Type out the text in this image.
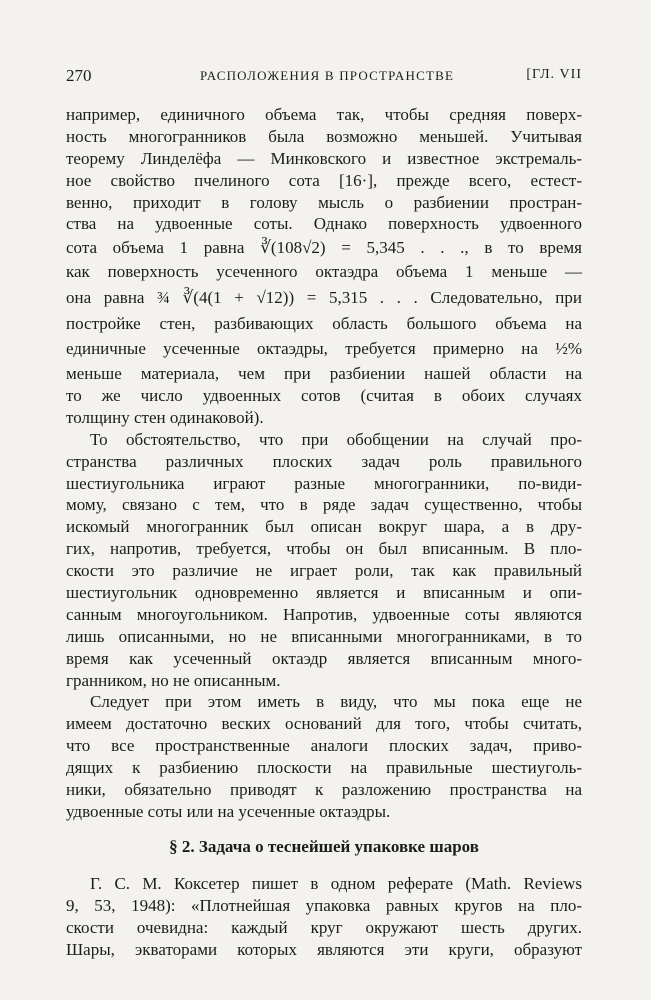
270	РАСПОЛОЖЕНИЯ В ПРОСТРАНСТВЕ	[ГЛ. VII

например, единичного объема так, чтобы средняя поверх-
ность многогранников была возможно меньшей. Учитывая
теорему Линделёфа — Минковского и известное экстремаль-
ное свойство пчелиного сота [16·], прежде всего, естест-
венно, приходит в голову мысль о разбиении простран-
ства на удвоенные соты. Однако поверхность удвоенного
сота объема 1 равна ∛(108√2) = 5,345 . . ., в то время
как поверхность усеченного октаэдра объема 1 меньше —
она равна ¾ ∛(4(1 + √12)) = 5,315 . . . Следовательно, при
постройке стен, разбивающих область большого объема на
единичные усеченные октаэдры, требуется примерно на ½%
меньше материала, чем при разбиении нашей области на
то же число удвоенных сотов (считая в обоих случаях
толщину стен одинаковой).

То обстоятельство, что при обобщении на случай про-
странства различных плоских задач роль правильного
шестиугольника играют разные многогранники, по-види-
мому, связано с тем, что в ряде задач существенно, чтобы
искомый многогранник был описан вокруг шара, а в дру-
гих, напротив, требуется, чтобы он был вписанным. В пло-
скости это различие не играет роли, так как правильный
шестиугольник одновременно является и вписанным и опи-
санным многоугольником. Напротив, удвоенные соты являются
лишь описанными, но не вписанными многогранниками, в то
время как усеченный октаэдр является вписанным много-
гранником, но не описанным.

Следует при этом иметь в виду, что мы пока еще не
имеем достаточно веских оснований для того, чтобы считать,
что все пространственные аналоги плоских задач, приво-
дящих к разбиению плоскости на правильные шестиуголь-
ники, обязательно приводят к разложению пространства на
удвоенные соты или на усеченные октаэдры.

§ 2. Задача о теснейшей упаковке шаров

Г. С. М. Коксетер пишет в одном реферате (Math. Reviews
9, 53, 1948): «Плотнейшая упаковка равных кругов на пло-
скости очевидна: каждый круг окружают шесть других.
Шары, экваторами которых являются эти круги, образуют
